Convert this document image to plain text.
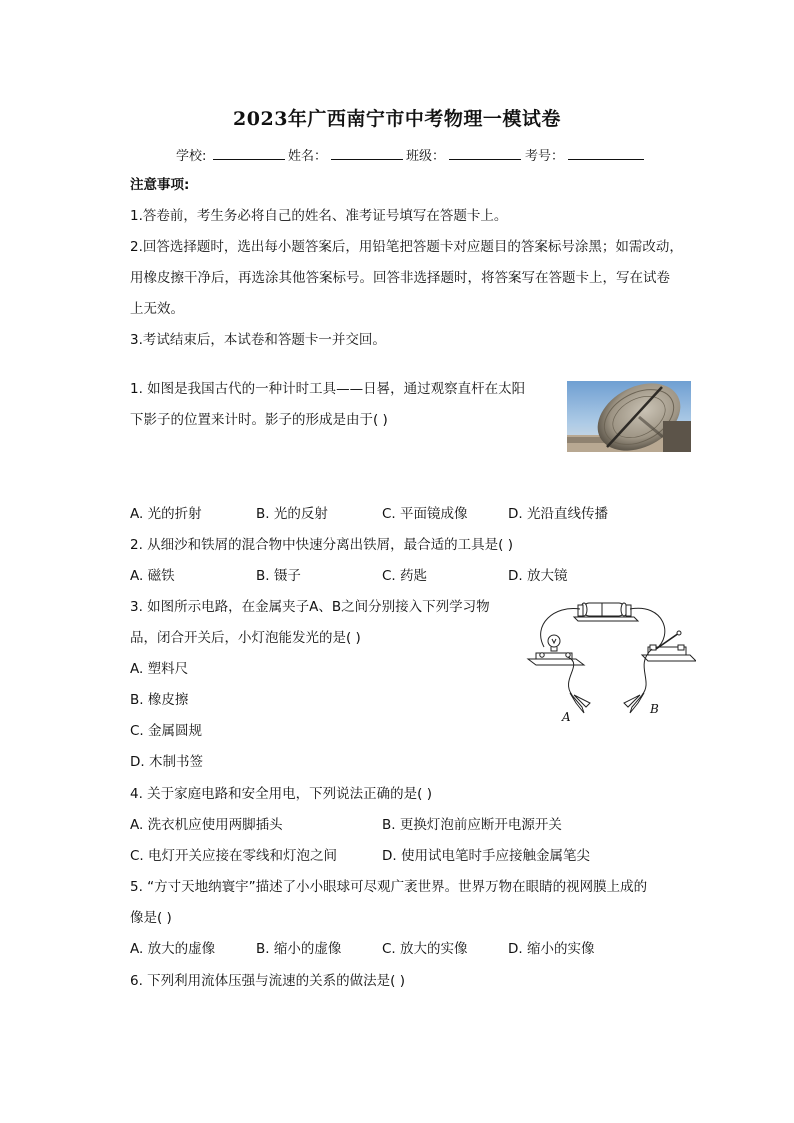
2023年广西南宁市中考物理一模试卷
学校:	姓名：	班级：	考号：
注意事项:
1.答卷前，考生务必将自己的姓名、准考证号填写在答题卡上。
2.回答选择题时，选出每小题答案后，用铅笔把答题卡对应题目的答案标号涂黑；如需改动，
用橡皮擦干净后，再选涂其他答案标号。回答非选择题时，将答案写在答题卡上，写在试卷
上无效。
3.考试结束后，本试卷和答题卡一并交回。
1. 如图是我国古代的一种计时工具——日晷，通过观察直杆在太阳
下影子的位置来计时。影子的形成是由于( )
A. 光的折射	B. 光的反射	C. 平面镜成像	D. 光沿直线传播
2. 从细沙和铁屑的混合物中快速分离出铁屑，最合适的工具是( )
A. 磁铁	B. 镊子	C. 药匙	D. 放大镜
3. 如图所示电路，在金属夹子A、B之间分别接入下列学习物
品，闭合开关后，小灯泡能发光的是( )
A. 塑料尺
B. 橡皮擦
C. 金属圆规
D. 木制书签
A
B
4. 关于家庭电路和安全用电，下列说法正确的是( )
A. 洗衣机应使用两脚插头	B. 更换灯泡前应断开电源开关
C. 电灯开关应接在零线和灯泡之间	D. 使用试电笔时手应接触金属笔尖
5. “方寸天地纳寰宇”描述了小小眼球可尽观广袤世界。世界万物在眼睛的视网膜上成的
像是( )
A. 放大的虚像	B. 缩小的虚像	C. 放大的实像	D. 缩小的实像
6. 下列利用流体压强与流速的关系的做法是( )
